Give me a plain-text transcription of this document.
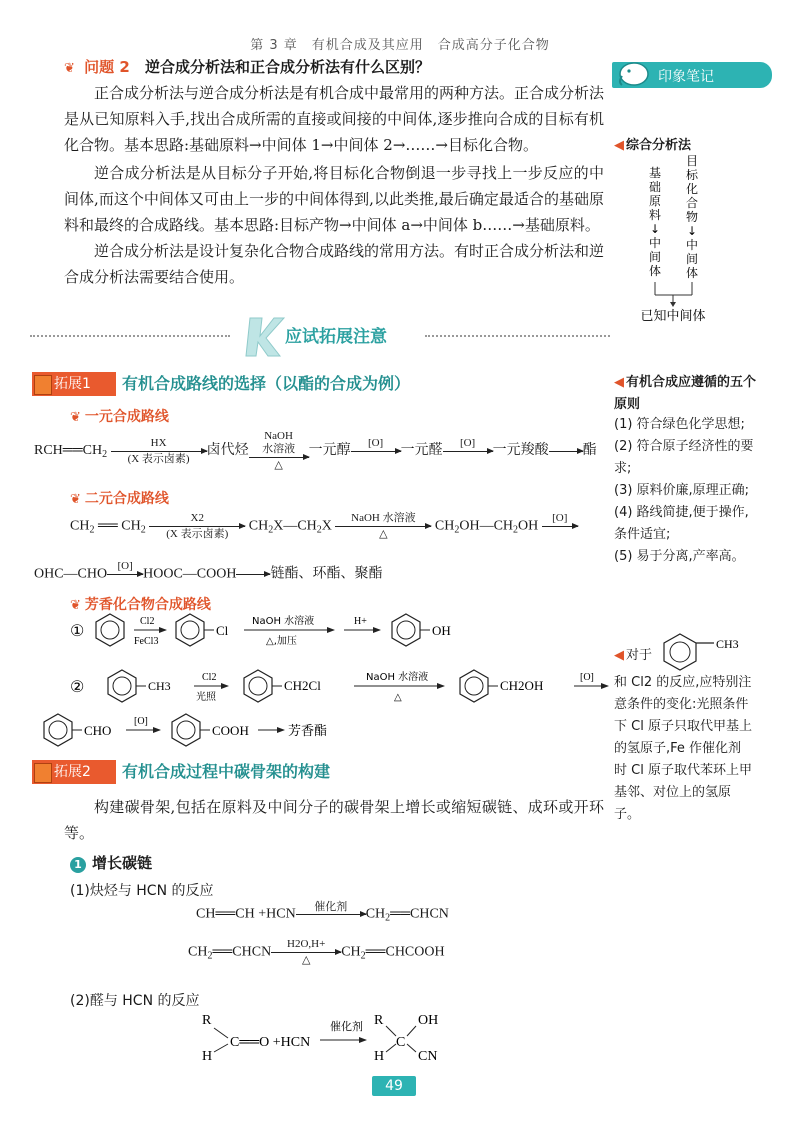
第 3 章　有机合成及其应用　合成高分子化合物
❦ 问题 2 逆合成分析法和正合成分析法有什么区别？
正合成分析法与逆合成分析法是有机合成中最常用的两种方法。正合成分析法是从已知原料入手,找出合成所需的直接或间接的中间体,逐步推向合成的目标有机化合物。基本思路:基础原料→中间体 1→中间体 2→……→目标化合物。
逆合成分析法是从目标分子开始,将目标化合物倒退一步寻找上一步反应的中间体,而这个中间体又可由上一步的中间体得到,以此类推,最后确定最适合的基础原料和最终的合成路线。基本思路:目标产物→中间体 a→中间体 b……→基础原料。
逆合成分析法是设计复杂化合物合成路线的常用方法。有时正合成分析法和逆合成分析法需要结合使用。
印象笔记
◀ 综合分析法
基
础
原
料
↓
中
间
体
目
标
化
合
物
↓
中
间
体
已知中间体
◀ 有机合成应遵循的五个原则
(1) 符合绿色化学思想;
(2) 符合原子经济性的要求;
(3) 原料价廉,原理正确;
(4) 路线简捷,便于操作,条件适宜;
(5) 易于分离,产率高。
◀ 对于
CH3
和 Cl2 的反应,应特别注意条件的变化:光照条件下 Cl 原子只取代甲基上的氢原子,Fe 作催化剂时 Cl 原子取代苯环上甲基邻、对位上的氢原子。
应试拓展注意
拓展1	有机合成路线的选择（以酯的合成为例）
❦ 一元合成路线
$RCH══CH_2$
HX
(X 表示卤素)
卤代烃
NaOH
水溶液
△
一元醇
[O]

一元醛
[O]

一元羧酸

酯
❦ 二元合成路线
$CH_2$ ══ $CH_2$
X2
(X 表示卤素)
$CH_2X—CH_2X$
NaOH 水溶液
△
$CH_2OH—CH_2OH$
[O]

OHC—CHO
[O]

HOOC—COOH

链酯、环酯、聚酯
❦ 芳香化合物合成路线
①
Cl2
FeCl3
Cl
NaOH 水溶液
△,加压
H+
OH
②	CH3
Cl2
光照
CH2Cl
NaOH 水溶液
△
CH2OH
[O]
CHO
[O]
COOH	芳香酯
拓展2	有机合成过程中碳骨架的构建
构建碳骨架,包括在原料及中间分子的碳骨架上增长或缩短碳链、成环或开环等。
1 增长碳链
(1)炔烃与 HCN 的反应
CH══CH +HCN
催化剂

$CH_2══CHCN$
$CH_2══CHCN$
H2O,H+
△
$CH_2══CHCOOH$
(2)醛与 HCN 的反应
R
H
C══O +HCN
催化剂 R
H
C
OH
CN
49
